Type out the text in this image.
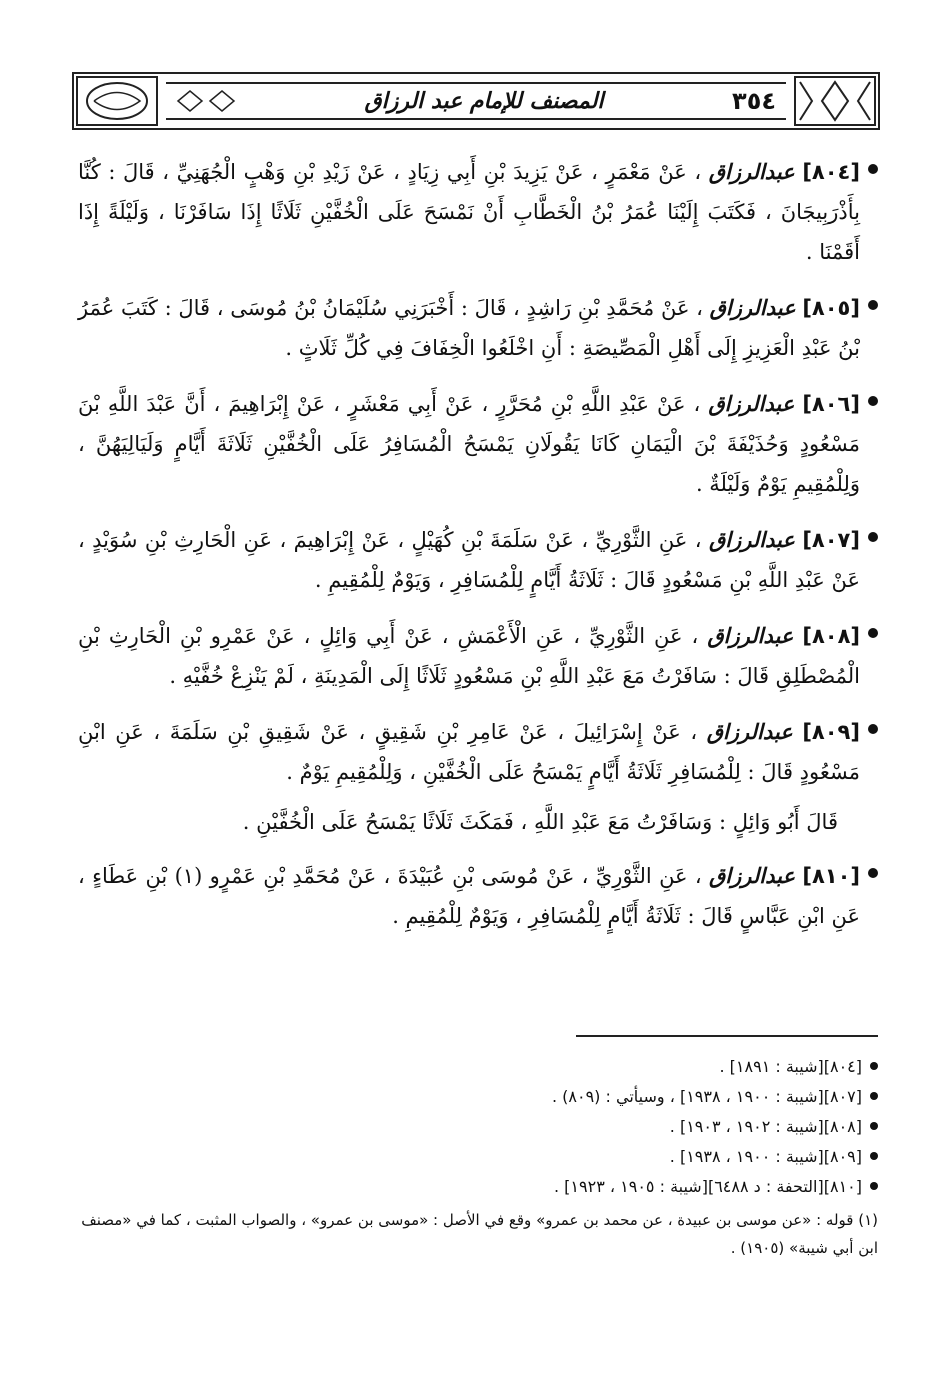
٣٥٤
المصنف للإمام عبد الرزاق
[٨٠٤] عبدالرزاق ، عَنْ مَعْمَرٍ ، عَنْ يَزِيدَ بْنِ أَبِي زِيَادٍ ، عَنْ زَيْدِ بْنِ وَهْبٍ الْجُهَنِيِّ ، قَالَ : كُنَّا بِأَذْرَبِيجَانَ ، فَكَتَبَ إِلَيْنَا عُمَرُ بْنُ الْخَطَّابِ أَنْ نَمْسَحَ عَلَى الْخُفَّيْنِ ثَلَاثًا إِذَا سَافَرْنَا ، وَلَيْلَةً إِذَا أَقَمْنَا .
[٨٠٥] عبدالرزاق ، عَنْ مُحَمَّدِ بْنِ رَاشِدٍ ، قَالَ : أَخْبَرَنِي سُلَيْمَانُ بْنُ مُوسَى ، قَالَ : كَتَبَ عُمَرُ بْنُ عَبْدِ الْعَزِيزِ إِلَى أَهْلِ الْمَصِّيصَةِ : أَنِ اخْلَعُوا الْخِفَافَ فِي كُلِّ ثَلَاثٍ .
[٨٠٦] عبدالرزاق ، عَنْ عَبْدِ اللَّهِ بْنِ مُحَرَّرٍ ، عَنْ أَبِي مَعْشَرٍ ، عَنْ إِبْرَاهِيمَ ، أَنَّ عَبْدَ اللَّهِ بْنَ مَسْعُودٍ وَحُذَيْفَةَ بْنَ الْيَمَانِ كَانَا يَقُولَانِ يَمْسَحُ الْمُسَافِرُ عَلَى الْخُفَّيْنِ ثَلَاثَةَ أَيَّامٍ وَلَيَالِيَهُنَّ ، وَلِلْمُقِيمِ يَوْمٌ وَلَيْلَةٌ .
[٨٠٧] عبدالرزاق ، عَنِ الثَّوْرِيِّ ، عَنْ سَلَمَةَ بْنِ كُهَيْلٍ ، عَنْ إِبْرَاهِيمَ ، عَنِ الْحَارِثِ بْنِ سُوَيْدٍ ، عَنْ عَبْدِ اللَّهِ بْنِ مَسْعُودٍ قَالَ : ثَلَاثَةُ أَيَّامٍ لِلْمُسَافِرِ ، وَيَوْمٌ لِلْمُقِيمِ .
[٨٠٨] عبدالرزاق ، عَنِ الثَّوْرِيِّ ، عَنِ الْأَعْمَشِ ، عَنْ أَبِي وَائِلٍ ، عَنْ عَمْرِو بْنِ الْحَارِثِ بْنِ الْمُصْطَلِقِ قَالَ : سَافَرْتُ مَعَ عَبْدِ اللَّهِ بْنِ مَسْعُودٍ ثَلَاثًا إِلَى الْمَدِينَةِ ، لَمْ يَنْزِعْ خُفَّيْهِ .
[٨٠٩] عبدالرزاق ، عَنْ إِسْرَائِيلَ ، عَنْ عَامِرِ بْنِ شَقِيقٍ ، عَنْ شَقِيقِ بْنِ سَلَمَةَ ، عَنِ ابْنِ مَسْعُودٍ قَالَ : لِلْمُسَافِرِ ثَلَاثَةُ أَيَّامٍ يَمْسَحُ عَلَى الْخُفَّيْنِ ، وَلِلْمُقِيمِ يَوْمٌ .
قَالَ أَبُو وَائِلٍ : وَسَافَرْتُ مَعَ عَبْدِ اللَّهِ ، فَمَكَثَ ثَلَاثًا يَمْسَحُ عَلَى الْخُفَّيْنِ .
[٨١٠] عبدالرزاق ، عَنِ الثَّوْرِيِّ ، عَنْ مُوسَى بْنِ عُبَيْدَةَ ، عَنْ مُحَمَّدِ بْنِ عَمْرٍو (١) بْنِ عَطَاءٍ ، عَنِ ابْنِ عَبَّاسٍ قَالَ : ثَلَاثَةُ أَيَّامٍ لِلْمُسَافِرِ ، وَيَوْمٌ لِلْمُقِيمِ .
[٨٠٤][شيبة : ١٨٩١] .
[٨٠٧][شيبة : ١٩٠٠ ، ١٩٣٨] ، وسيأتي : (٨٠٩) .
[٨٠٨][شيبة : ١٩٠٢ ، ١٩٠٣] .
[٨٠٩][شيبة : ١٩٠٠ ، ١٩٣٨] .
[٨١٠][التحفة : د ٦٤٨٨][شيبة : ١٩٠٥ ، ١٩٢٣] .
(١) قوله : «عن موسى بن عبيدة ، عن محمد بن عمرو» وقع في الأصل : «موسى بن عمرو» ، والصواب المثبت ، كما في «مصنف ابن أبي شيبة» (١٩٠٥) .
